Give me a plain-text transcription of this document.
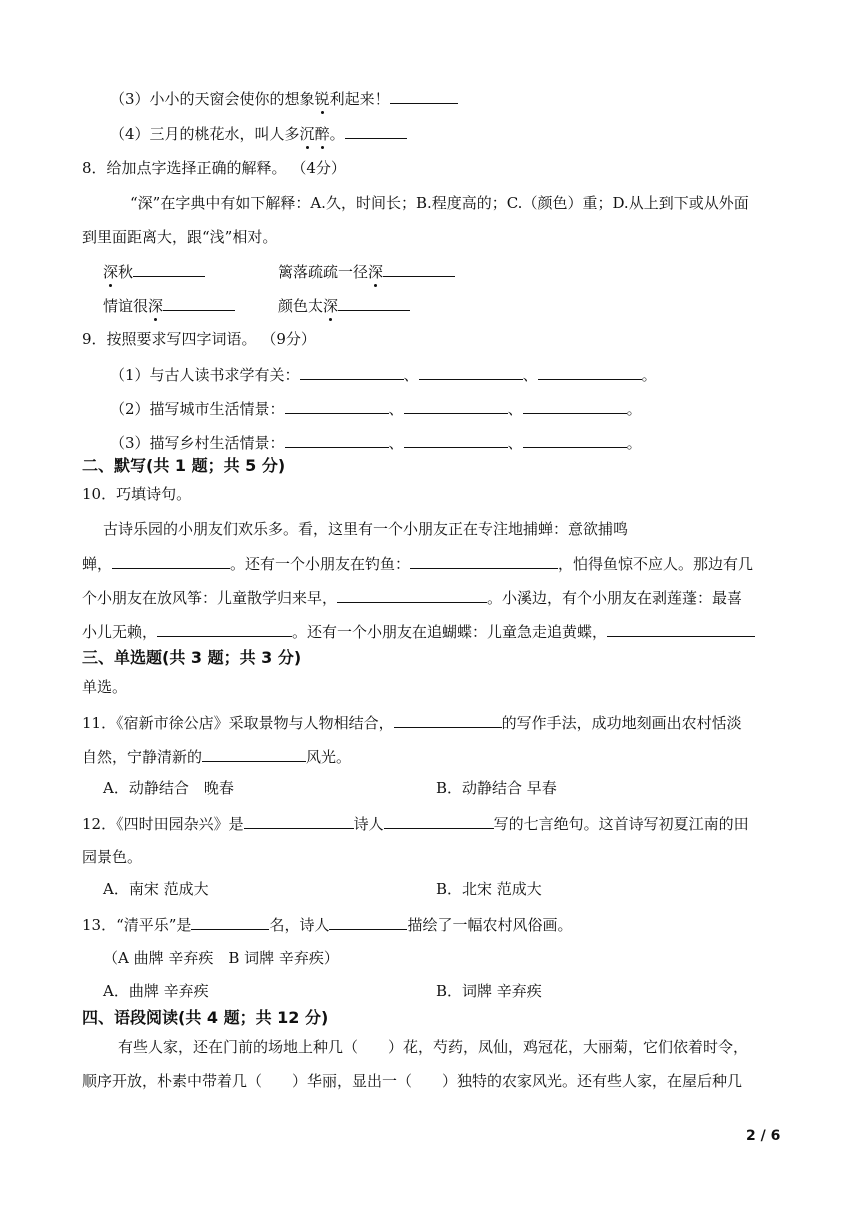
（3）小小的天窗会使你的想象锐利起来！
（4）三月的桃花水，叫人多沉醉。
8．给加点字选择正确的解释。 （4分）
“深”在字典中有如下解释：A.久，时间长；B.程度高的；C.（颜色）重；D.从上到下或从外面
到里面距离大，跟“浅”相对。
深秋	篱落疏疏一径深
情谊很深	颜色太深
9．按照要求写四字词语。 （9分）
（1）与古人读书求学有关：	、	、	。
（2）描写城市生活情景：	、	、	。
（3）描写乡村生活情景：	、	、	。
二、默写(共 1 题；共 5 分)
10．巧填诗句。
古诗乐园的小朋友们欢乐多。看，这里有一个小朋友正在专注地捕蝉：意欲捕鸣
蝉，	。还有一个小朋友在钓鱼：	，怕得鱼惊不应人。那边有几
个小朋友在放风筝：儿童散学归来早，	。小溪边，有个小朋友在剥莲蓬：最喜
小儿无赖，	。还有一个小朋友在追蝴蝶：儿童急走追黄蝶，
三、单选题(共 3 题；共 3 分)
单选。
11．《宿新市徐公店》采取景物与人物相结合，	的写作手法，成功地刻画出农村恬淡
自然，宁静清新的	风光。
A．动静结合　晚春	B．动静结合 早春
12．《四时田园杂兴》是	诗人	写的七言绝句。这首诗写初夏江南的田
园景色。
A．南宋 范成大	B．北宋 范成大
13．“清平乐”是	名，诗人	描绘了一幅农村风俗画。
（A 曲牌 辛弃疾　B 词牌 辛弃疾）
A．曲牌 辛弃疾	B．词牌 辛弃疾
四、语段阅读(共 4 题；共 12 分)
有些人家，还在门前的场地上种几（　　）花，芍药，凤仙，鸡冠花，大丽菊，它们依着时令，
顺序开放，朴素中带着几（　　）华丽，显出一（　　）独特的农家风光。还有些人家，在屋后种几
2 / 6
